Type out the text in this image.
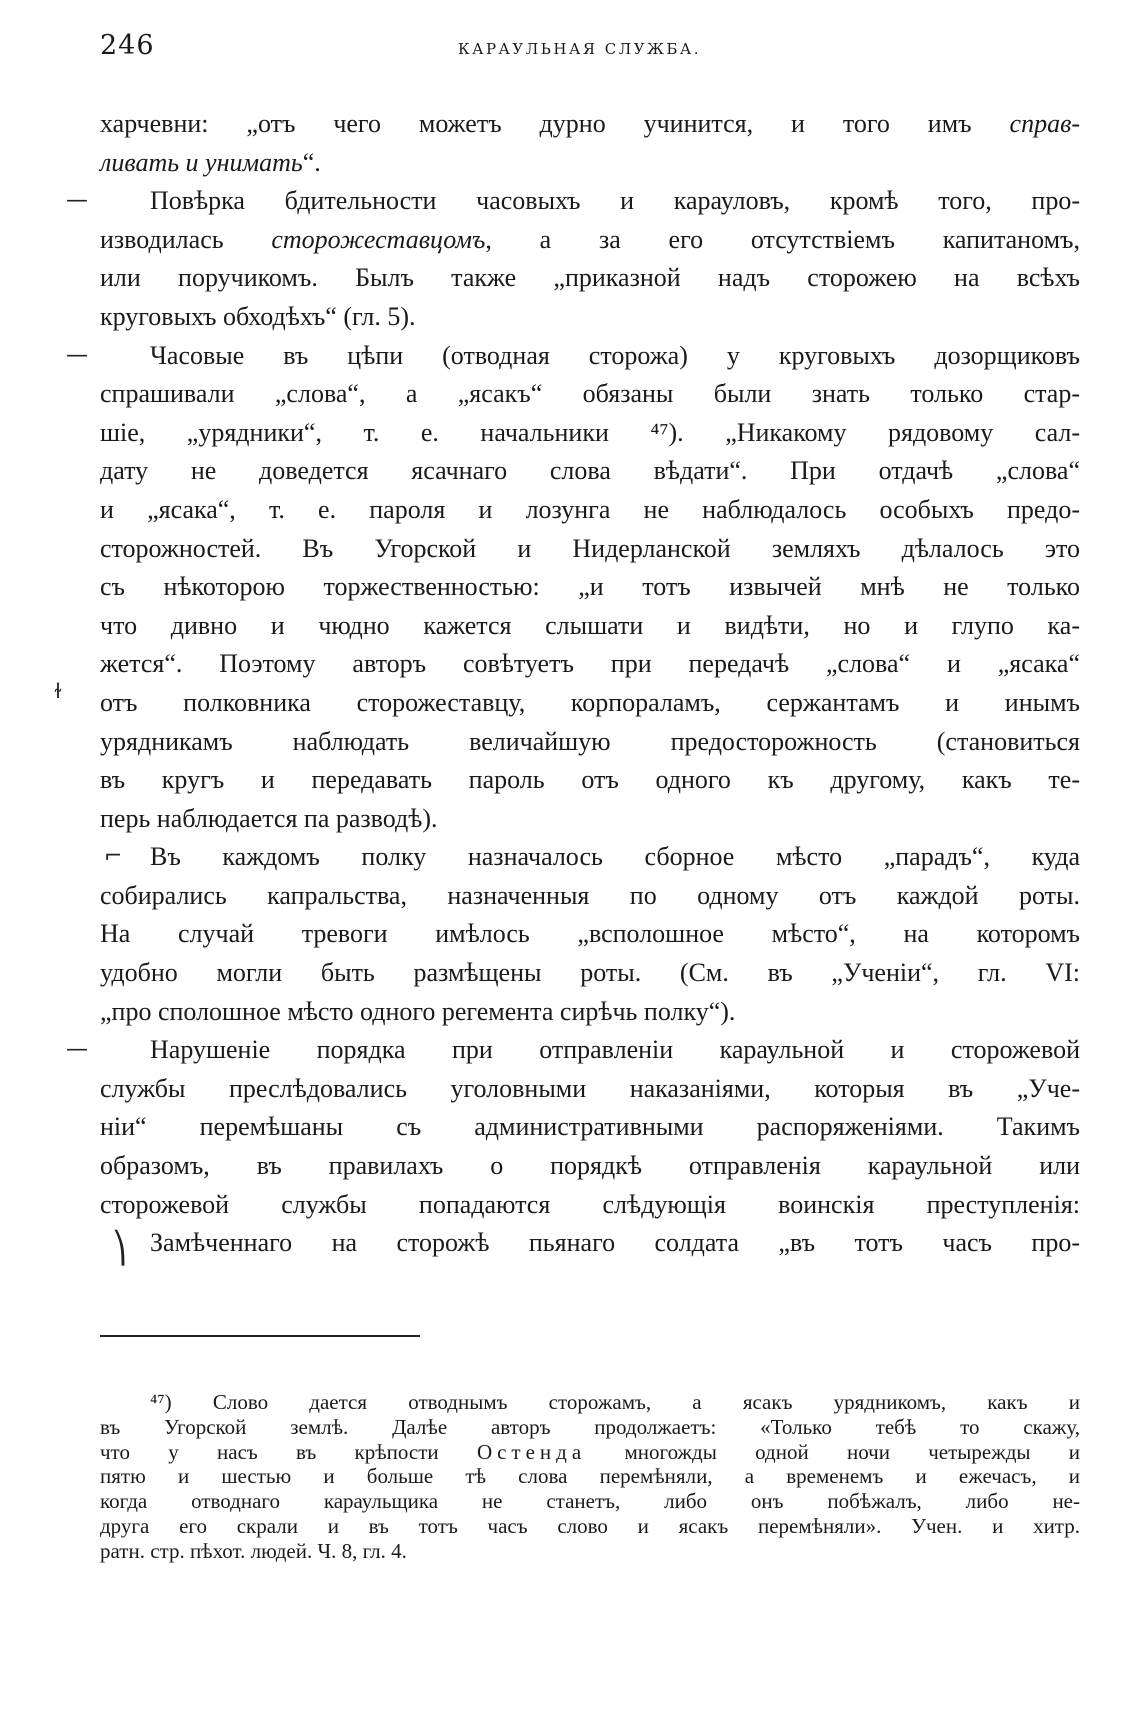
246	КАРАУЛЬНАЯ СЛУЖБА.
харчевни: „отъ чего можетъ дурно учинится, и того имъ справ-
ливать и унимать“.
— Повѣрка бдительности часовыхъ и карауловъ, кромѣ того, про-
изводилась сторожеставцомъ, а за его отсутствіемъ капитаномъ,
или поручикомъ. Былъ также „приказной надъ сторожею на всѣхъ
круговыхъ обходѣхъ“ (гл. 5).
— Часовые въ цѣпи (отводная сторожа) у круговыхъ дозорщиковъ
спрашивали „слова“, а „ясакъ“ обязаны были знать только стар-
шіе, „урядники“, т. е. начальники ⁴⁷). „Никакому рядовому сал-
дату не доведется ясачнаго слова вѣдати“. При отдачѣ „слова“
и „ясака“, т. е. пароля и лозунга не наблюдалось особыхъ предо-
сторожностей. Въ Угорской и Нидерланской земляхъ дѣлалось это
съ нѣкоторою торжественностью: „и тотъ извычей мнѣ не только
что дивно и чюдно кажется слышати и видѣти, но и глупо ка-
жется“. Поэтому авторъ совѣтуетъ при передачѣ „слова“ и „ясака“
ɫ отъ полковника сторожеставцу, корпораламъ, сержантамъ и инымъ
урядникамъ наблюдать величайшую предосторожность (становиться
въ кругъ и передавать пароль отъ одного къ другому, какъ те-
перь наблюдается па разводѣ).
⌐ Въ каждомъ полку назначалось сборное мѣсто „парадъ“, куда
собирались капральства, назначенныя по одному отъ каждой роты.
На случай тревоги имѣлось „всполошное мѣсто“, на которомъ
удобно могли быть размѣщены роты. (См. въ „Ученіи“, гл. VI:
„про сполошное мѣсто одного регемента сирѣчь полку“).
— Нарушеніе порядка при отправленіи караульной и сторожевой
службы преслѣдовались уголовными наказаніями, которыя въ „Уче-
ніи“ перемѣшаны съ административными распоряженіями. Такимъ
образомъ, въ правилахъ о порядкѣ отправленія караульной или
сторожевой службы попадаются слѣдующія воинскія преступленія:
⎞ Замѣченнаго на сторожѣ пьянаго солдата „въ тотъ часъ про-
⁴⁷) Слово дается отводнымъ сторожамъ, а ясакъ урядникомъ, какъ и
въ Угорской землѣ. Далѣе авторъ продолжаетъ: «Только тебѣ то скажу,
что у насъ въ крѣпости Остенда многожды одной ночи четырежды и
пятю и шестью и больше тѣ слова перемѣняли, а временемъ и ежечасъ, и
когда отводнаго караульщика не станетъ, либо онъ побѣжалъ, либо не-
друга его скрали и въ тотъ часъ слово и ясакъ перемѣняли». Учен. и хитр.
ратн. стр. пѣхот. людей. Ч. 8, гл. 4.
